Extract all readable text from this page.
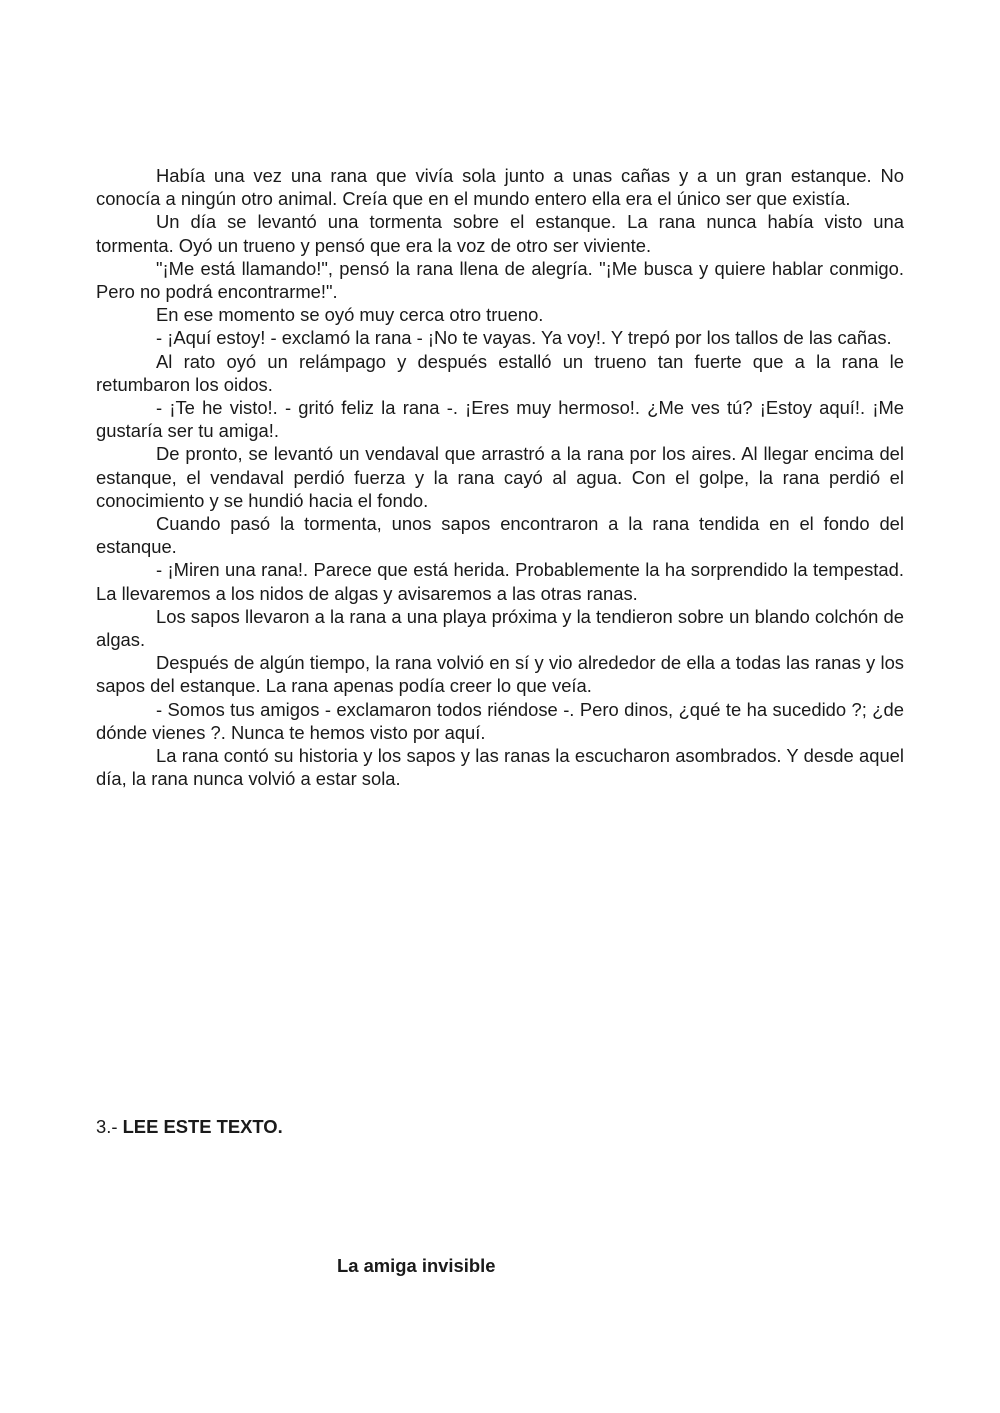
Había una vez una rana que vivía sola junto a unas cañas y a un gran estanque. No conocía a ningún otro animal. Creía que en el mundo entero ella era el único ser que existía.

Un día se levantó una tormenta sobre el estanque. La rana nunca había visto una tormenta. Oyó un trueno y pensó que era la voz de otro ser viviente.

"¡Me está llamando!", pensó la rana llena de alegría. "¡Me busca y quiere hablar conmigo. Pero no podrá encontrarme!".

En ese momento se oyó muy cerca otro trueno.

- ¡Aquí estoy! - exclamó la rana - ¡No te vayas. Ya voy!. Y trepó por los tallos de las cañas.

Al rato oyó un relámpago y después estalló un trueno tan fuerte que a la rana le retumbaron los oidos.

- ¡Te he visto!. - gritó feliz la rana -. ¡Eres muy hermoso!. ¿Me ves tú? ¡Estoy aquí!. ¡Me gustaría ser tu amiga!.

De pronto, se levantó un vendaval que arrastró a la rana por los aires. Al llegar encima del estanque, el vendaval perdió fuerza y la rana cayó al agua. Con el golpe, la rana perdió el conocimiento y se hundió hacia el fondo.

Cuando pasó la tormenta, unos sapos encontraron a la rana tendida en el fondo del estanque.

- ¡Miren una rana!. Parece que está herida. Probablemente la ha sorprendido la tempestad. La llevaremos a los nidos de algas y avisaremos a las otras ranas.

Los sapos llevaron a la rana a una playa próxima y la tendieron sobre un blando colchón de algas.

Después de algún tiempo, la rana volvió en sí y vio alrededor de ella a todas las ranas y los sapos del estanque. La rana apenas podía creer lo que veía.

- Somos tus amigos - exclamaron todos riéndose -. Pero dinos, ¿qué te ha sucedido ?; ¿de dónde vienes ?. Nunca te hemos visto por aquí.

La rana contó su historia y los sapos y las ranas la escucharon asombrados. Y desde aquel día, la rana nunca volvió a estar sola.

3.- LEE ESTE TEXTO.

La amiga invisible
